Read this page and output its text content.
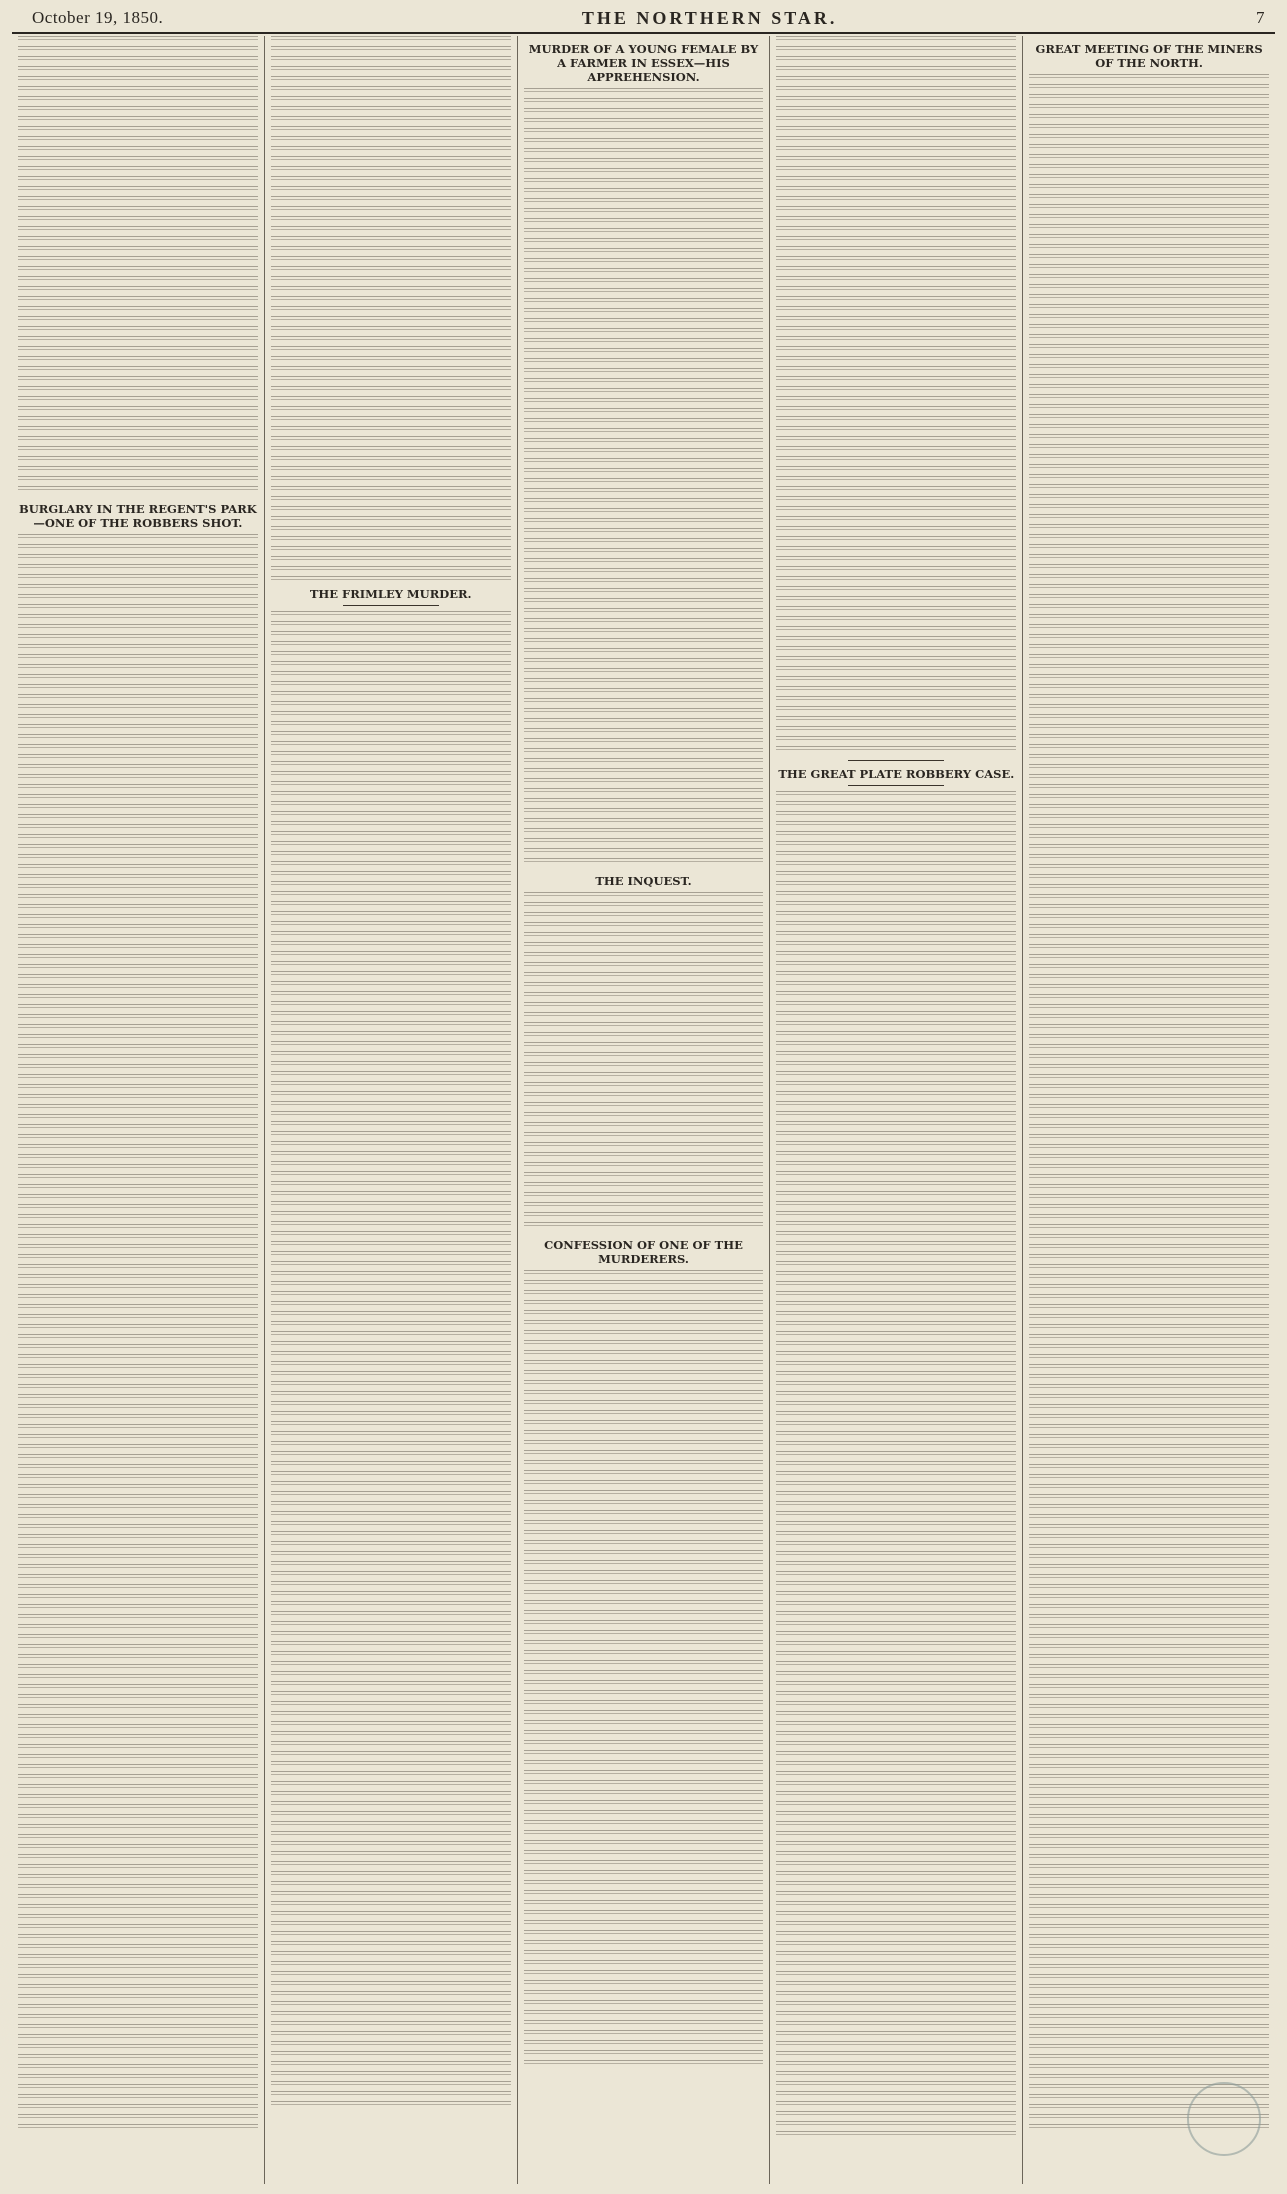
October 19, 1850.	THE NORTHERN STAR.	7
BURGLARY IN THE REGENT'S PARK—ONE OF THE ROBBERS SHOT.
THE FRIMLEY MURDER.
MURDER OF A YOUNG FEMALE BY A FARMER IN ESSEX—HIS APPREHENSION.
THE INQUEST.
CONFESSION OF ONE OF THE MURDERERS.
THE GREAT PLATE ROBBERY CASE.
GREAT MEETING OF THE MINERS OF THE NORTH.
